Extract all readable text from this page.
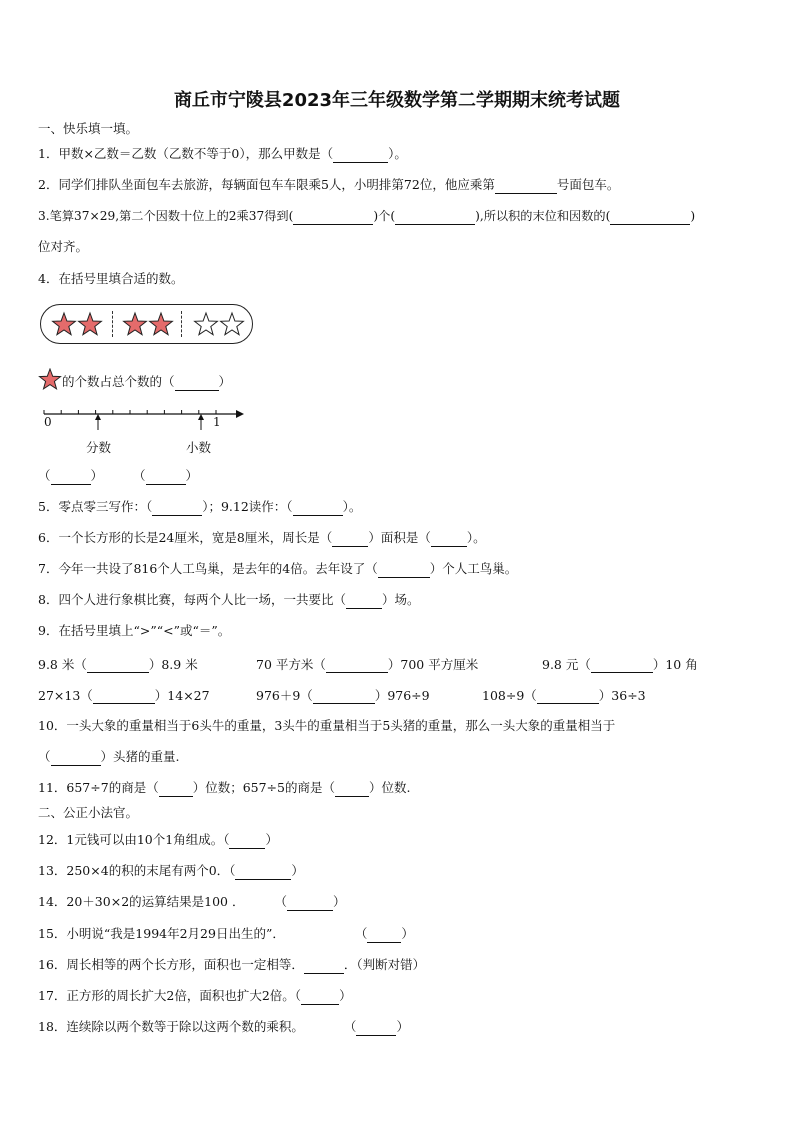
商丘市宁陵县2023年三年级数学第二学期期末统考试题
一、快乐填一填。
1．甲数×乙数＝乙数（乙数不等于0），那么甲数是（	）。
2．同学们排队坐面包车去旅游，每辆面包车车限乘5人，小明排第72位，他应乘第	号面包车。
3.笔算37×29,第二个因数十位上的2乘37得到(	)个(	),所以积的末位和因数的(	)
位对齐。
4．在括号里填合适的数。
的个数占总个数的（	）
0	1
分数	小数
（	） （	）
5．零点零三写作：（	）；9.12读作：（	）。
6．一个长方形的长是24厘米，宽是8厘米，周长是（	）面积是（	）。
7．今年一共设了816个人工鸟巢，是去年的4倍。去年设了（	）个人工鸟巢。
8．四个人进行象棋比赛，每两个人比一场，一共要比（	）场。
9．在括号里填上“>”“<”或“＝”。
9.8 米（	）8.9 米	70 平方米（	）700 平方厘米	9.8 元（	）10 角
27×13（	）14×27	976＋9（	）976÷9	108÷9（	）36÷3
10．一头大象的重量相当于6头牛的重量，3头牛的重量相当于5头猪的重量，那么一头大象的重量相当于
（	）头猪的重量.
11．657÷7的商是（	）位数；657÷5的商是（	）位数.
二、公正小法官。
12．1元钱可以由10个1角组成。（	）
13．250×4的积的末尾有两个0．（	）
14．20＋30×2的运算结果是100 ． （	）
15．小明说“我是1994年2月29日出生的”．	（	）
16．周长相等的两个长方形，面积也一定相等．	．（判断对错）
17．正方形的周长扩大2倍，面积也扩大2倍。（	）
18．连续除以两个数等于除以这两个数的乘积。	（	）
